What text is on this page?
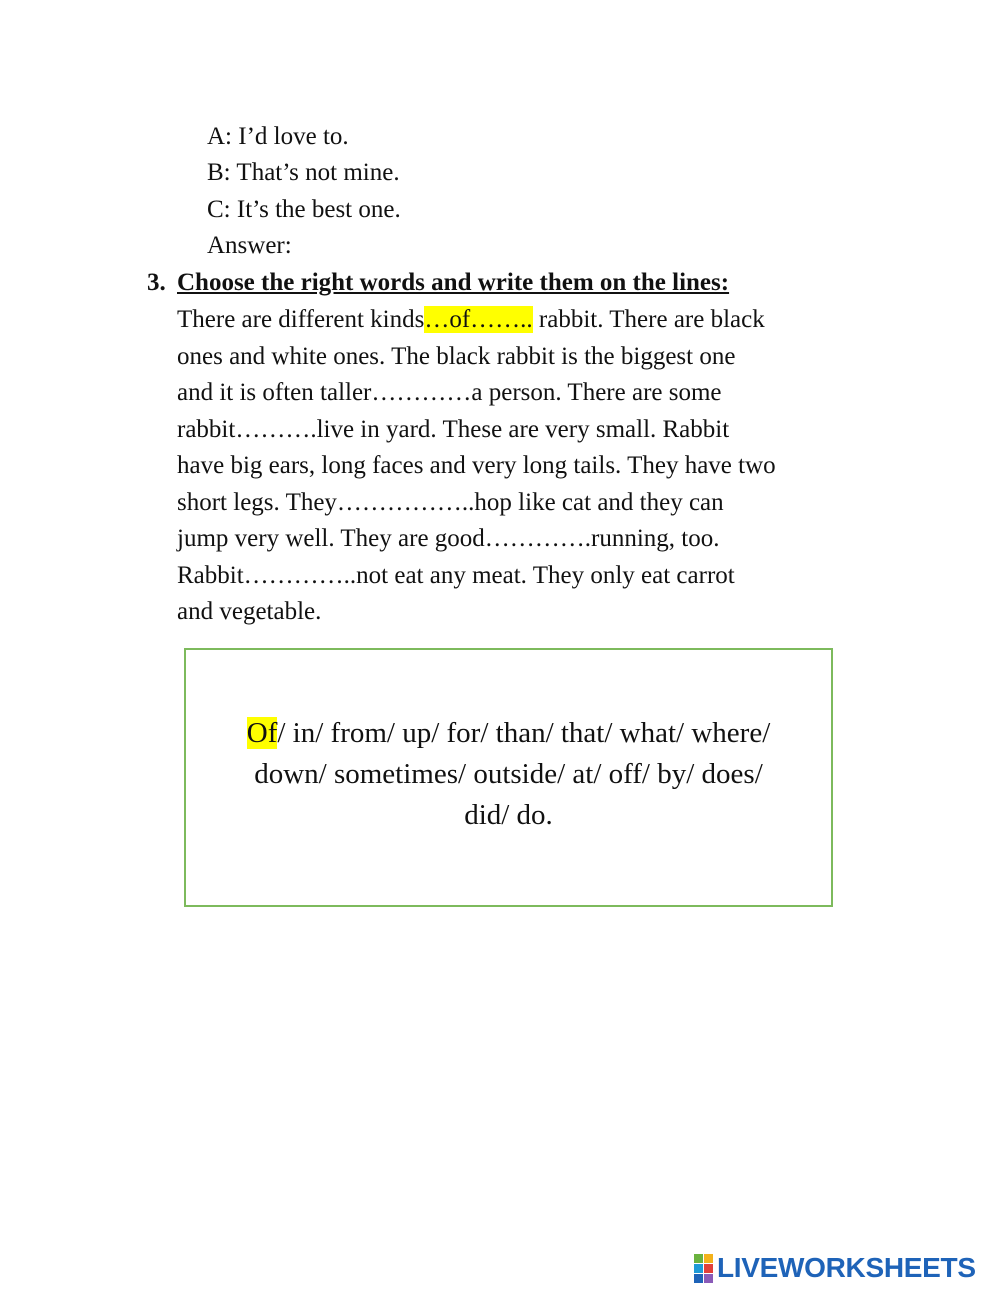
A: I’d love to.
B: That’s not mine.
C: It’s the best one.
Answer:
3. Choose the right words and write them on the lines:
There are different kinds…of…….. rabbit. There are black
ones and white ones. The black rabbit is the biggest one
and it is often taller…………a person. There are some
rabbit……….live in yard. These are very small. Rabbit
have big ears, long faces and very long tails. They have two
short legs. They……………..hop like cat and they can
jump very well. They are good………….running, too.
Rabbit…………..not eat any meat. They only eat carrot
and vegetable.
Of/ in/ from/ up/ for/ than/ that/ what/ where/
down/ sometimes/ outside/ at/ off/ by/ does/
did/ do.
LIVEWORKSHEETS
